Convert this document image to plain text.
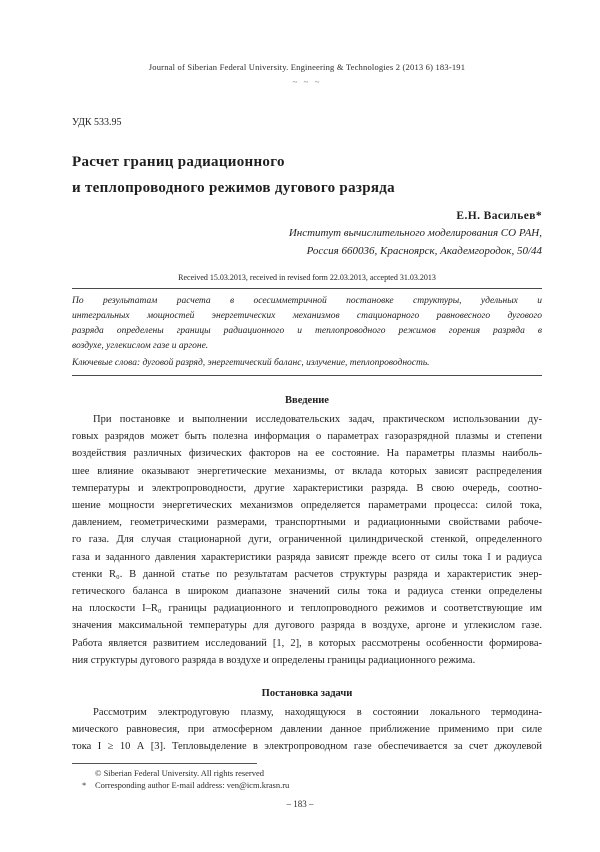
Journal of Siberian Federal University. Engineering & Technologies 2 (2013 6) 183-191
~ ~ ~
УДК 533.95
Расчет границ радиационного
и теплопроводного режимов дугового разряда
Е.Н. Васильев*
Институт вычислительного моделирования СО РАН,
Россия 660036, Красноярск, Академгородок, 50/44
Received 15.03.2013, received in revised form 22.03.2013, accepted 31.03.2013
По результатам расчета в осесимметричной постановке структуры, удельных и
интегральных мощностей энергетических механизмов стационарного равновесного дугового
разряда определены границы радиационного и теплопроводного режимов горения разряда в
воздухе, углекислом газе и аргоне.
Ключевые слова: дуговой разряд, энергетический баланс, излучение, теплопроводность.
Введение
При постановке и выполнении исследовательских задач, практическом использовании ду-
говых разрядов может быть полезна информация о параметрах газоразрядной плазмы и степени
воздействия различных физических факторов на ее состояние. На параметры плазмы наиболь-
шее влияние оказывают энергетические механизмы, от вклада которых зависят распределения
температуры и электропроводности, другие характеристики разряда. В свою очередь, соотно-
шение мощности энергетических механизмов определяется параметрами процесса: силой тока,
давлением, геометрическими размерами, транспортными и радиационными свойствами рабоче-
го газа. Для случая стационарной дуги, ограниченной цилиндрической стенкой, определенного
газа и заданного давления характеристики разряда зависят прежде всего от силы тока I и радиуса
стенки R₀. В данной статье по результатам расчетов структуры разряда и характеристик энер-
гетического баланса в широком диапазоне значений силы тока и радиуса стенки определены
на плоскости I–R₀ границы радиационного и теплопроводного режимов и соответствующие им
значения максимальной температуры для дугового разряда в воздухе, аргоне и углекислом газе.
Работа является развитием исследований [1, 2], в которых рассмотрены особенности формирова-
ния структуры дугового разряда в воздухе и определены границы радиационного режима.
Постановка задачи
Рассмотрим электродуговую плазму, находящуюся в состоянии локального термодина-
мического равновесия, при атмосферном давлении данное приближение применимо при силе
тока I ≥ 10 А [3]. Тепловыделение в электропроводном газе обеспечивается за счет джоулевой
© Siberian Federal University. All rights reserved
*	Corresponding author E-mail address: ven@icm.krasn.ru
– 183 –
